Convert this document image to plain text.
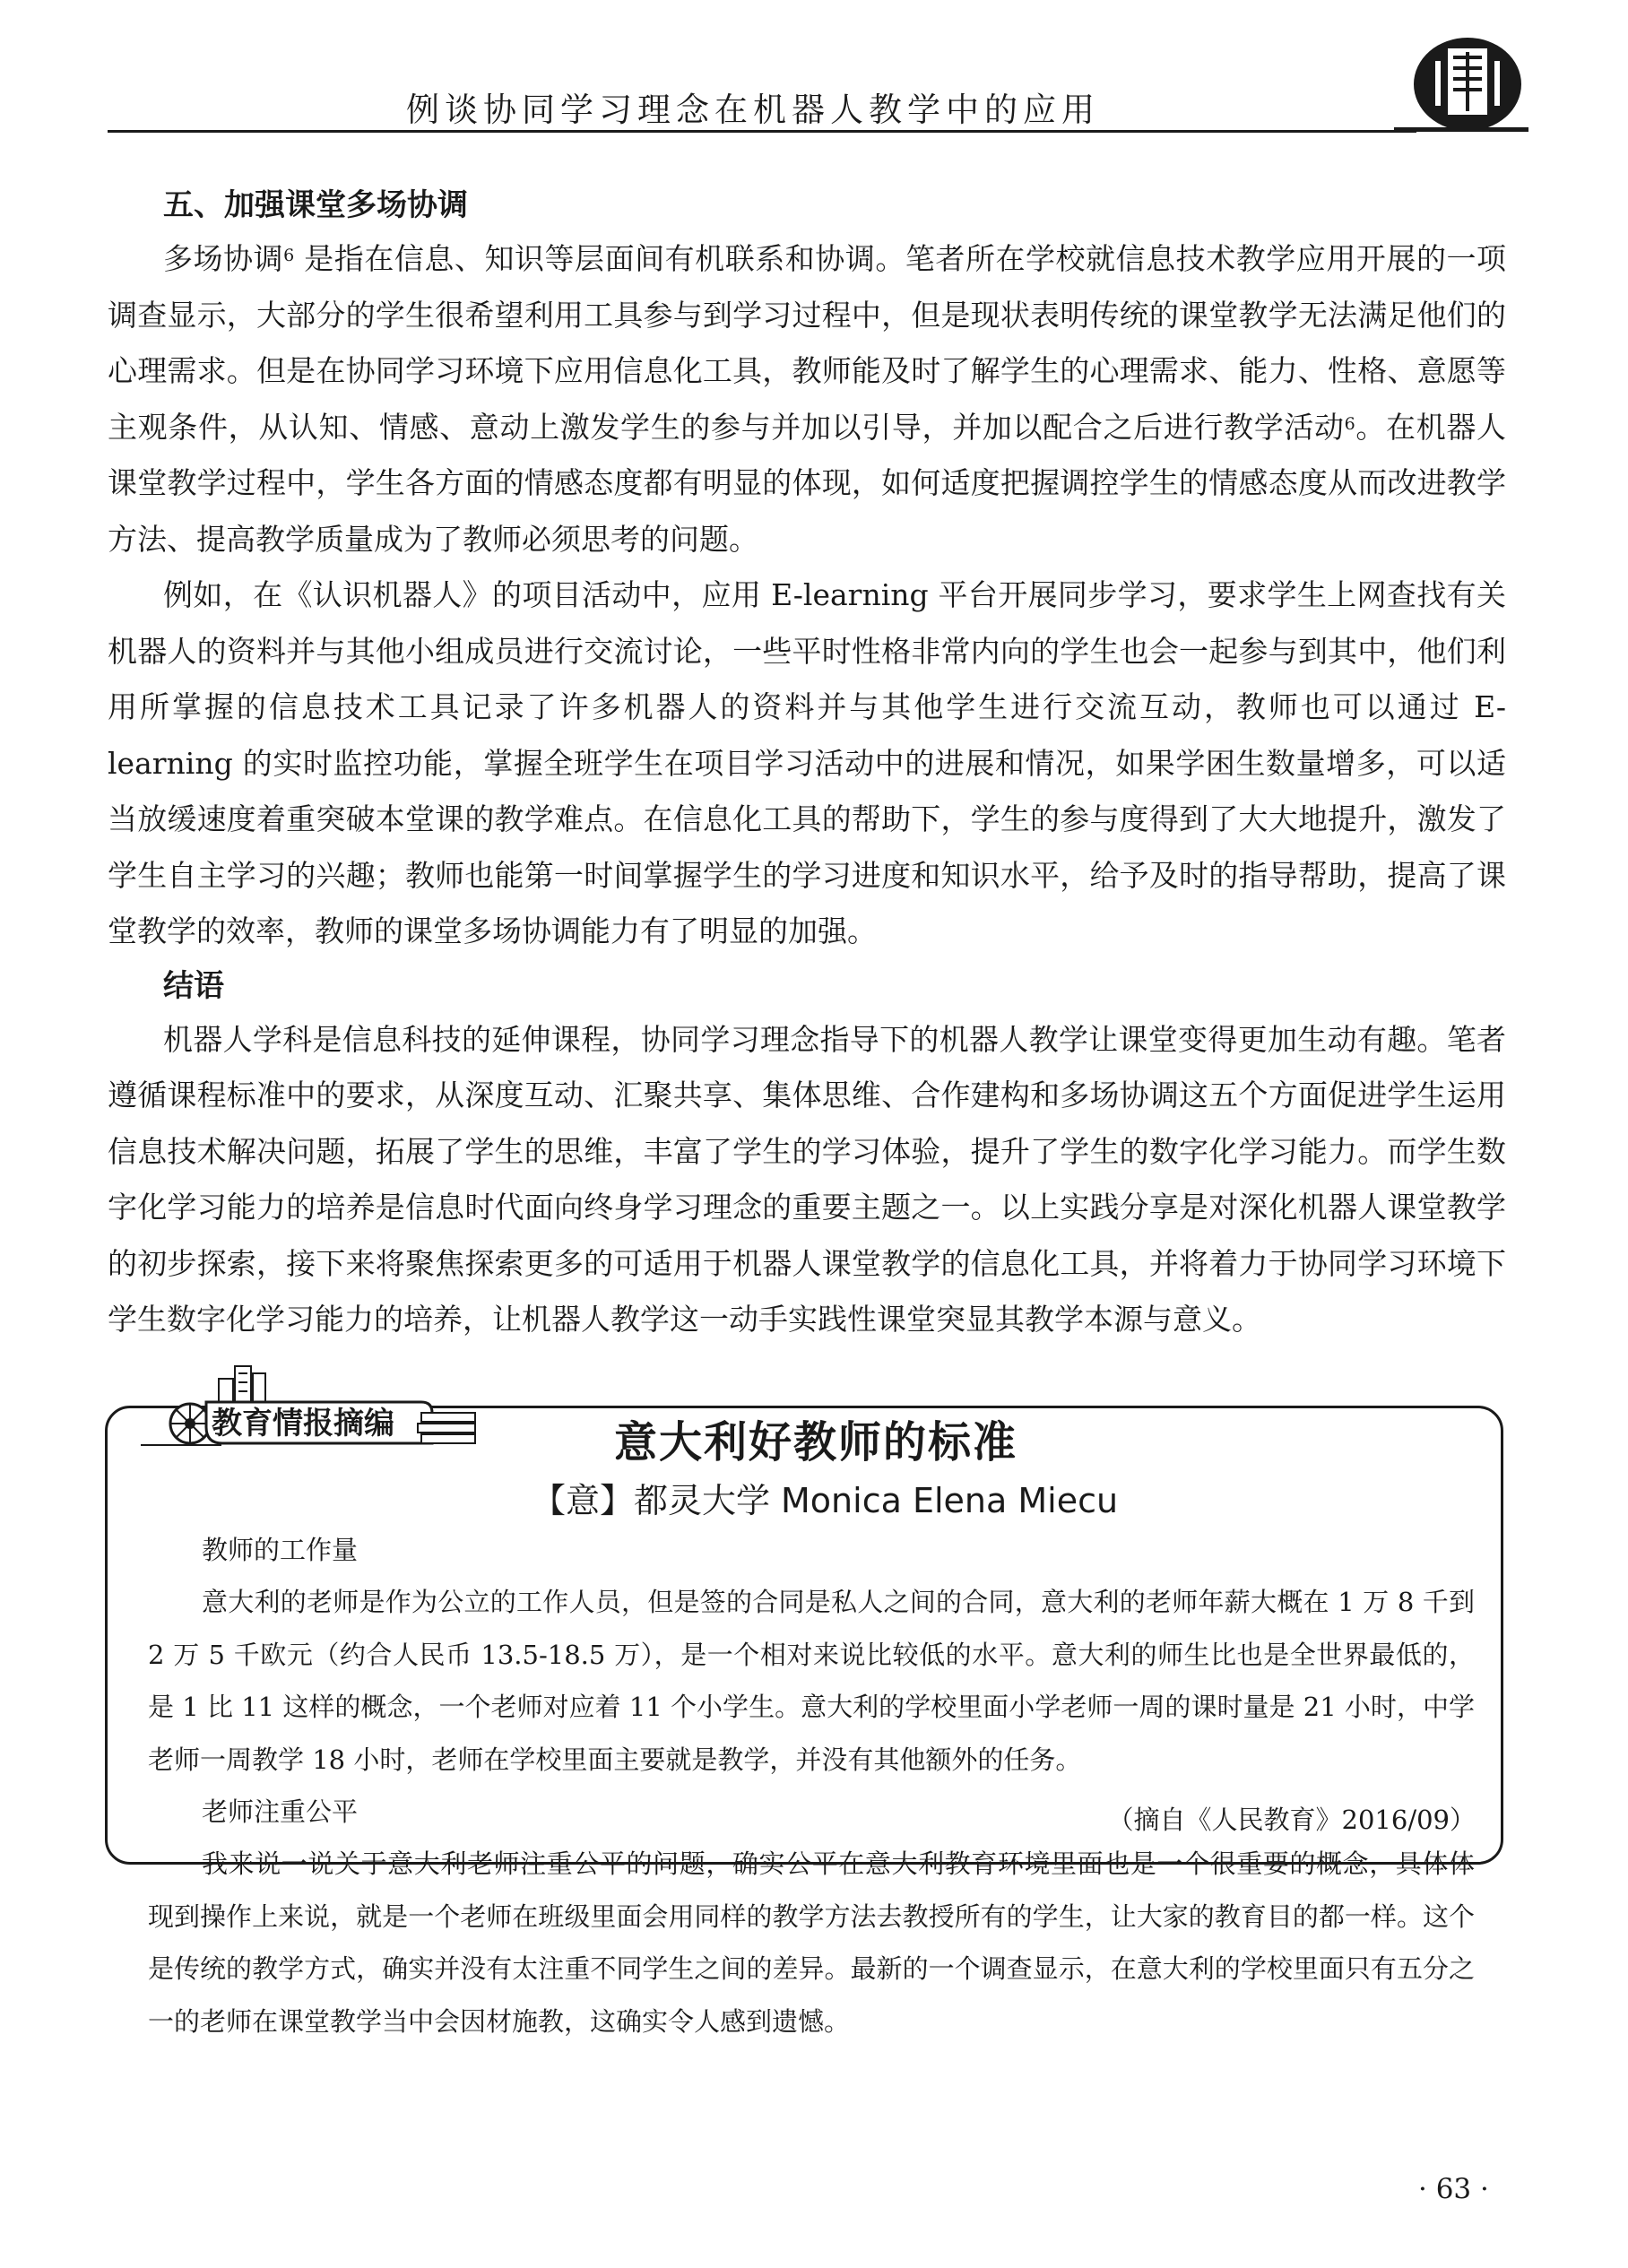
例谈协同学习理念在机器人教学中的应用

五、加强课堂多场协调

多场协调$^6$ 是指在信息、知识等层面间有机联系和协调。笔者所在学校就信息技术教学应用开展的一项调查显示，大部分的学生很希望利用工具参与到学习过程中，但是现状表明传统的课堂教学无法满足他们的心理需求。但是在协同学习环境下应用信息化工具，教师能及时了解学生的心理需求、能力、性格、意愿等主观条件，从认知、情感、意动上激发学生的参与并加以引导，并加以配合之后进行教学活动$^6$。在机器人课堂教学过程中，学生各方面的情感态度都有明显的体现，如何适度把握调控学生的情感态度从而改进教学方法、提高教学质量成为了教师必须思考的问题。

例如，在《认识机器人》的项目活动中，应用 E-learning 平台开展同步学习，要求学生上网查找有关机器人的资料并与其他小组成员进行交流讨论，一些平时性格非常内向的学生也会一起参与到其中，他们利用所掌握的信息技术工具记录了许多机器人的资料并与其他学生进行交流互动，教师也可以通过 E-learning 的实时监控功能，掌握全班学生在项目学习活动中的进展和情况，如果学困生数量增多，可以适当放缓速度着重突破本堂课的教学难点。在信息化工具的帮助下，学生的参与度得到了大大地提升，激发了学生自主学习的兴趣；教师也能第一时间掌握学生的学习进度和知识水平，给予及时的指导帮助，提高了课堂教学的效率，教师的课堂多场协调能力有了明显的加强。

结语

机器人学科是信息科技的延伸课程，协同学习理念指导下的机器人教学让课堂变得更加生动有趣。笔者遵循课程标准中的要求，从深度互动、汇聚共享、集体思维、合作建构和多场协调这五个方面促进学生运用信息技术解决问题，拓展了学生的思维，丰富了学生的学习体验，提升了学生的数字化学习能力。而学生数字化学习能力的培养是信息时代面向终身学习理念的重要主题之一。以上实践分享是对深化机器人课堂教学的初步探索，接下来将聚焦探索更多的可适用于机器人课堂教学的信息化工具，并将着力于协同学习环境下学生数字化学习能力的培养，让机器人教学这一动手实践性课堂突显其教学本源与意义。

教育情报摘编	意大利好教师的标准
【意】都灵大学 Monica Elena Miecu

教师的工作量

意大利的老师是作为公立的工作人员，但是签的合同是私人之间的合同，意大利的老师年薪大概在 1 万 8 千到 2 万 5 千欧元（约合人民币 13.5-18.5 万），是一个相对来说比较低的水平。意大利的师生比也是全世界最低的，是 1 比 11 这样的概念，一个老师对应着 11 个小学生。意大利的学校里面小学老师一周的课时量是 21 小时，中学老师一周教学 18 小时，老师在学校里面主要就是教学，并没有其他额外的任务。

老师注重公平

我来说一说关于意大利老师注重公平的问题，确实公平在意大利教育环境里面也是一个很重要的概念，具体体现到操作上来说，就是一个老师在班级里面会用同样的教学方法去教授所有的学生，让大家的教育目的都一样。这个是传统的教学方式，确实并没有太注重不同学生之间的差异。最新的一个调查显示，在意大利的学校里面只有五分之一的老师在课堂教学当中会因材施教，这确实令人感到遗憾。

（摘自《人民教育》2016/09）
· 63 ·
